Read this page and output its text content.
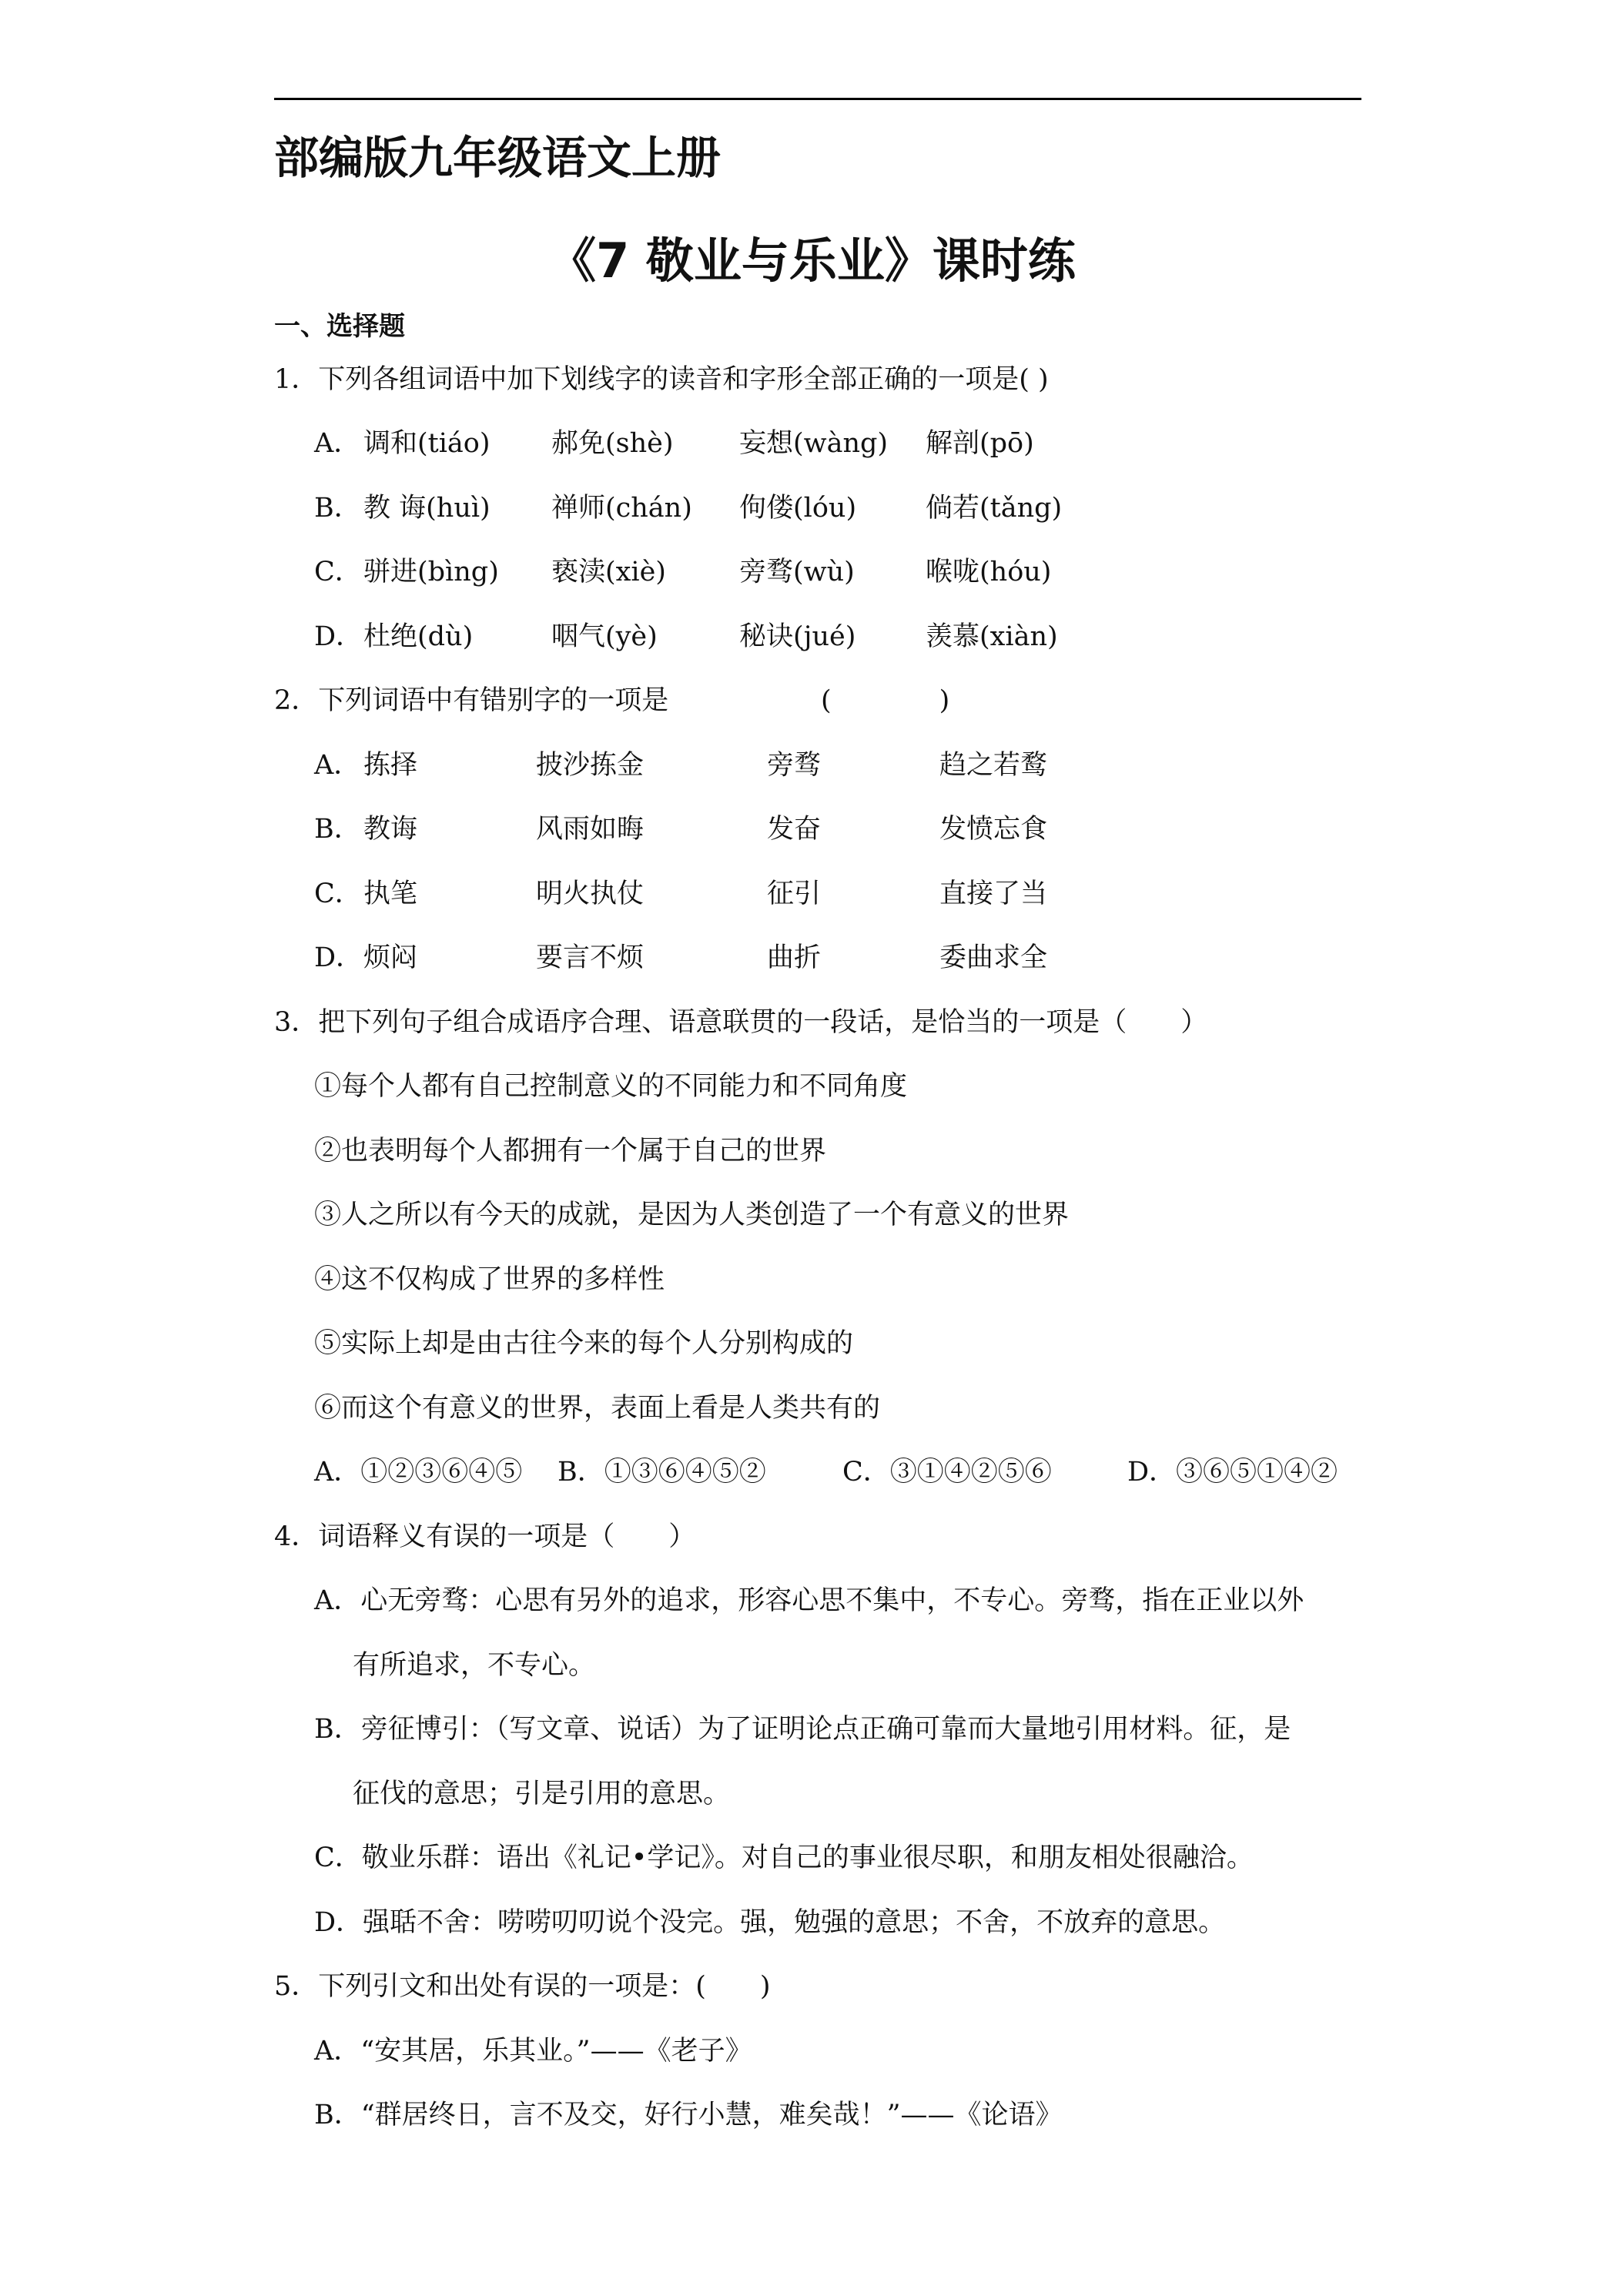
部编版九年级语文上册
《7 敬业与乐业》课时练
一、选择题
1．下列各组词语中加下划线字的读音和字形全部正确的一项是( )
A． 调和(tiáo) 郝免(shè) 妄想(wàng) 解剖(pō)
B． 教 诲(huì) 禅师(chán) 佝偻(lóu)	倘若(tǎng)
C． 骈进(bìng) 亵渎(xiè)	旁骛(wù)	喉咙(hóu)
D． 杜绝(dù)	咽气(yè)	秘诀(jué)	羡慕(xiàn)
2．下列词语中有错别字的一项是	(　　　　)
A． 拣择	披沙拣金	旁骛	趋之若鹜
B． 教诲	风雨如晦	发奋	发愤忘食
C． 执笔	明火执仗	征引	直接了当
D． 烦闷	要言不烦	曲折	委曲求全
3．把下列句子组合成语序合理、语意联贯的一段话，是恰当的一项是（　　）
①每个人都有自己控制意义的不同能力和不同角度
②也表明每个人都拥有一个属于自己的世界
③人之所以有今天的成就，是因为人类创造了一个有意义的世界
④这不仅构成了世界的多样性
⑤实际上却是由古往今来的每个人分别构成的
⑥而这个有意义的世界，表面上看是人类共有的
A．①②③⑥④⑤ B．①③⑥④⑤②	C．③①④②⑤⑥	D．③⑥⑤①④②
4．词语释义有误的一项是（　　）
A．心无旁骛：心思有另外的追求，形容心思不集中，不专心。旁骛，指在正业以外
有所追求，不专心。
B．旁征博引：（写文章、说话）为了证明论点正确可靠而大量地引用材料。征，是
征伐的意思；引是引用的意思。
C．敬业乐群：语出《礼记•学记》。对自己的事业很尽职，和朋友相处很融洽。
D．强聒不舍：唠唠叨叨说个没完。强，勉强的意思；不舍，不放弃的意思。
5．下列引文和出处有误的一项是：(　　)
A．“安其居，乐其业。”——《老子》
B．“群居终日，言不及交，好行小慧，难矣哉！”——《论语》
